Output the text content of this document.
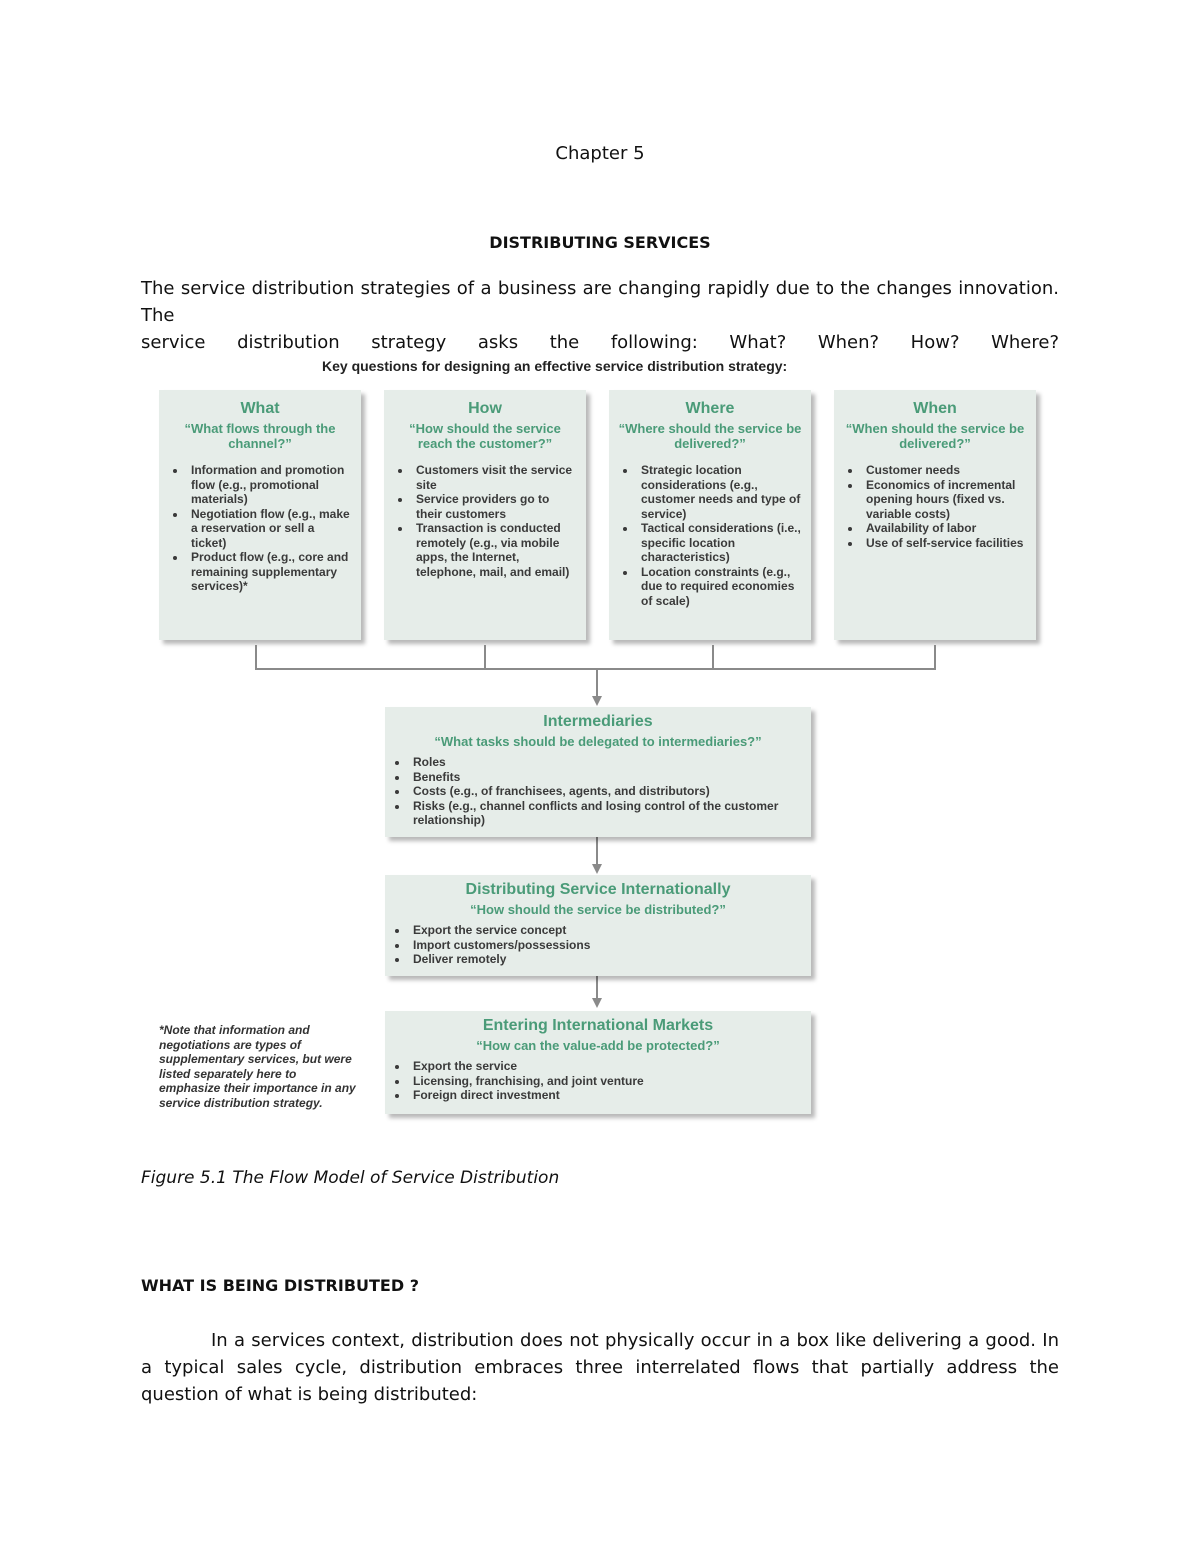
Chapter 5
DISTRIBUTING SERVICES

The service distribution strategies of a business are changing rapidly due to the changes innovation. The

service distribution strategy asks the following: What? When? How? Where?

Key questions for designing an effective service distribution strategy:
What
“What flows through the channel?”
• Information and promotion flow (e.g., promotional materials)
• Negotiation flow (e.g., make a reservation or sell a ticket)
• Product flow (e.g., core and remaining supplementary services)*
How
“How should the service reach the customer?”
• Customers visit the service site
• Service providers go to their customers
• Transaction is conducted remotely (e.g., via mobile apps, the Internet, telephone, mail, and email)
Where
“Where should the service be delivered?”
• Strategic location considerations (e.g., customer needs and type of service)
• Tactical considerations (i.e., specific location characteristics)
• Location constraints (e.g., due to required economies of scale)
When
“When should the service be delivered?”
• Customer needs
• Economics of incremental opening hours (fixed vs. variable costs)
• Availability of labor
• Use of self-service facilities
Intermediaries
“What tasks should be delegated to intermediaries?”
• Roles
• Benefits
• Costs (e.g., of franchisees, agents, and distributors)
• Risks (e.g., channel conflicts and losing control of the customer relationship)
Distributing Service Internationally
“How should the service be distributed?”
• Export the service concept
• Import customers/possessions
• Deliver remotely
Entering International Markets
“How can the value-add be protected?”
• Export the service
• Licensing, franchising, and joint venture
• Foreign direct investment
*Note that information and negotiations are types of supplementary services, but were listed separately here to emphasize their importance in any service distribution strategy.
Figure 5.1 The Flow Model of Service Distribution
WHAT IS BEING DISTRIBUTED ?
In a services context, distribution does not physically occur in a box like delivering a good. In a typical sales cycle, distribution embraces three interrelated flows that partially address the question of what is being distributed:
